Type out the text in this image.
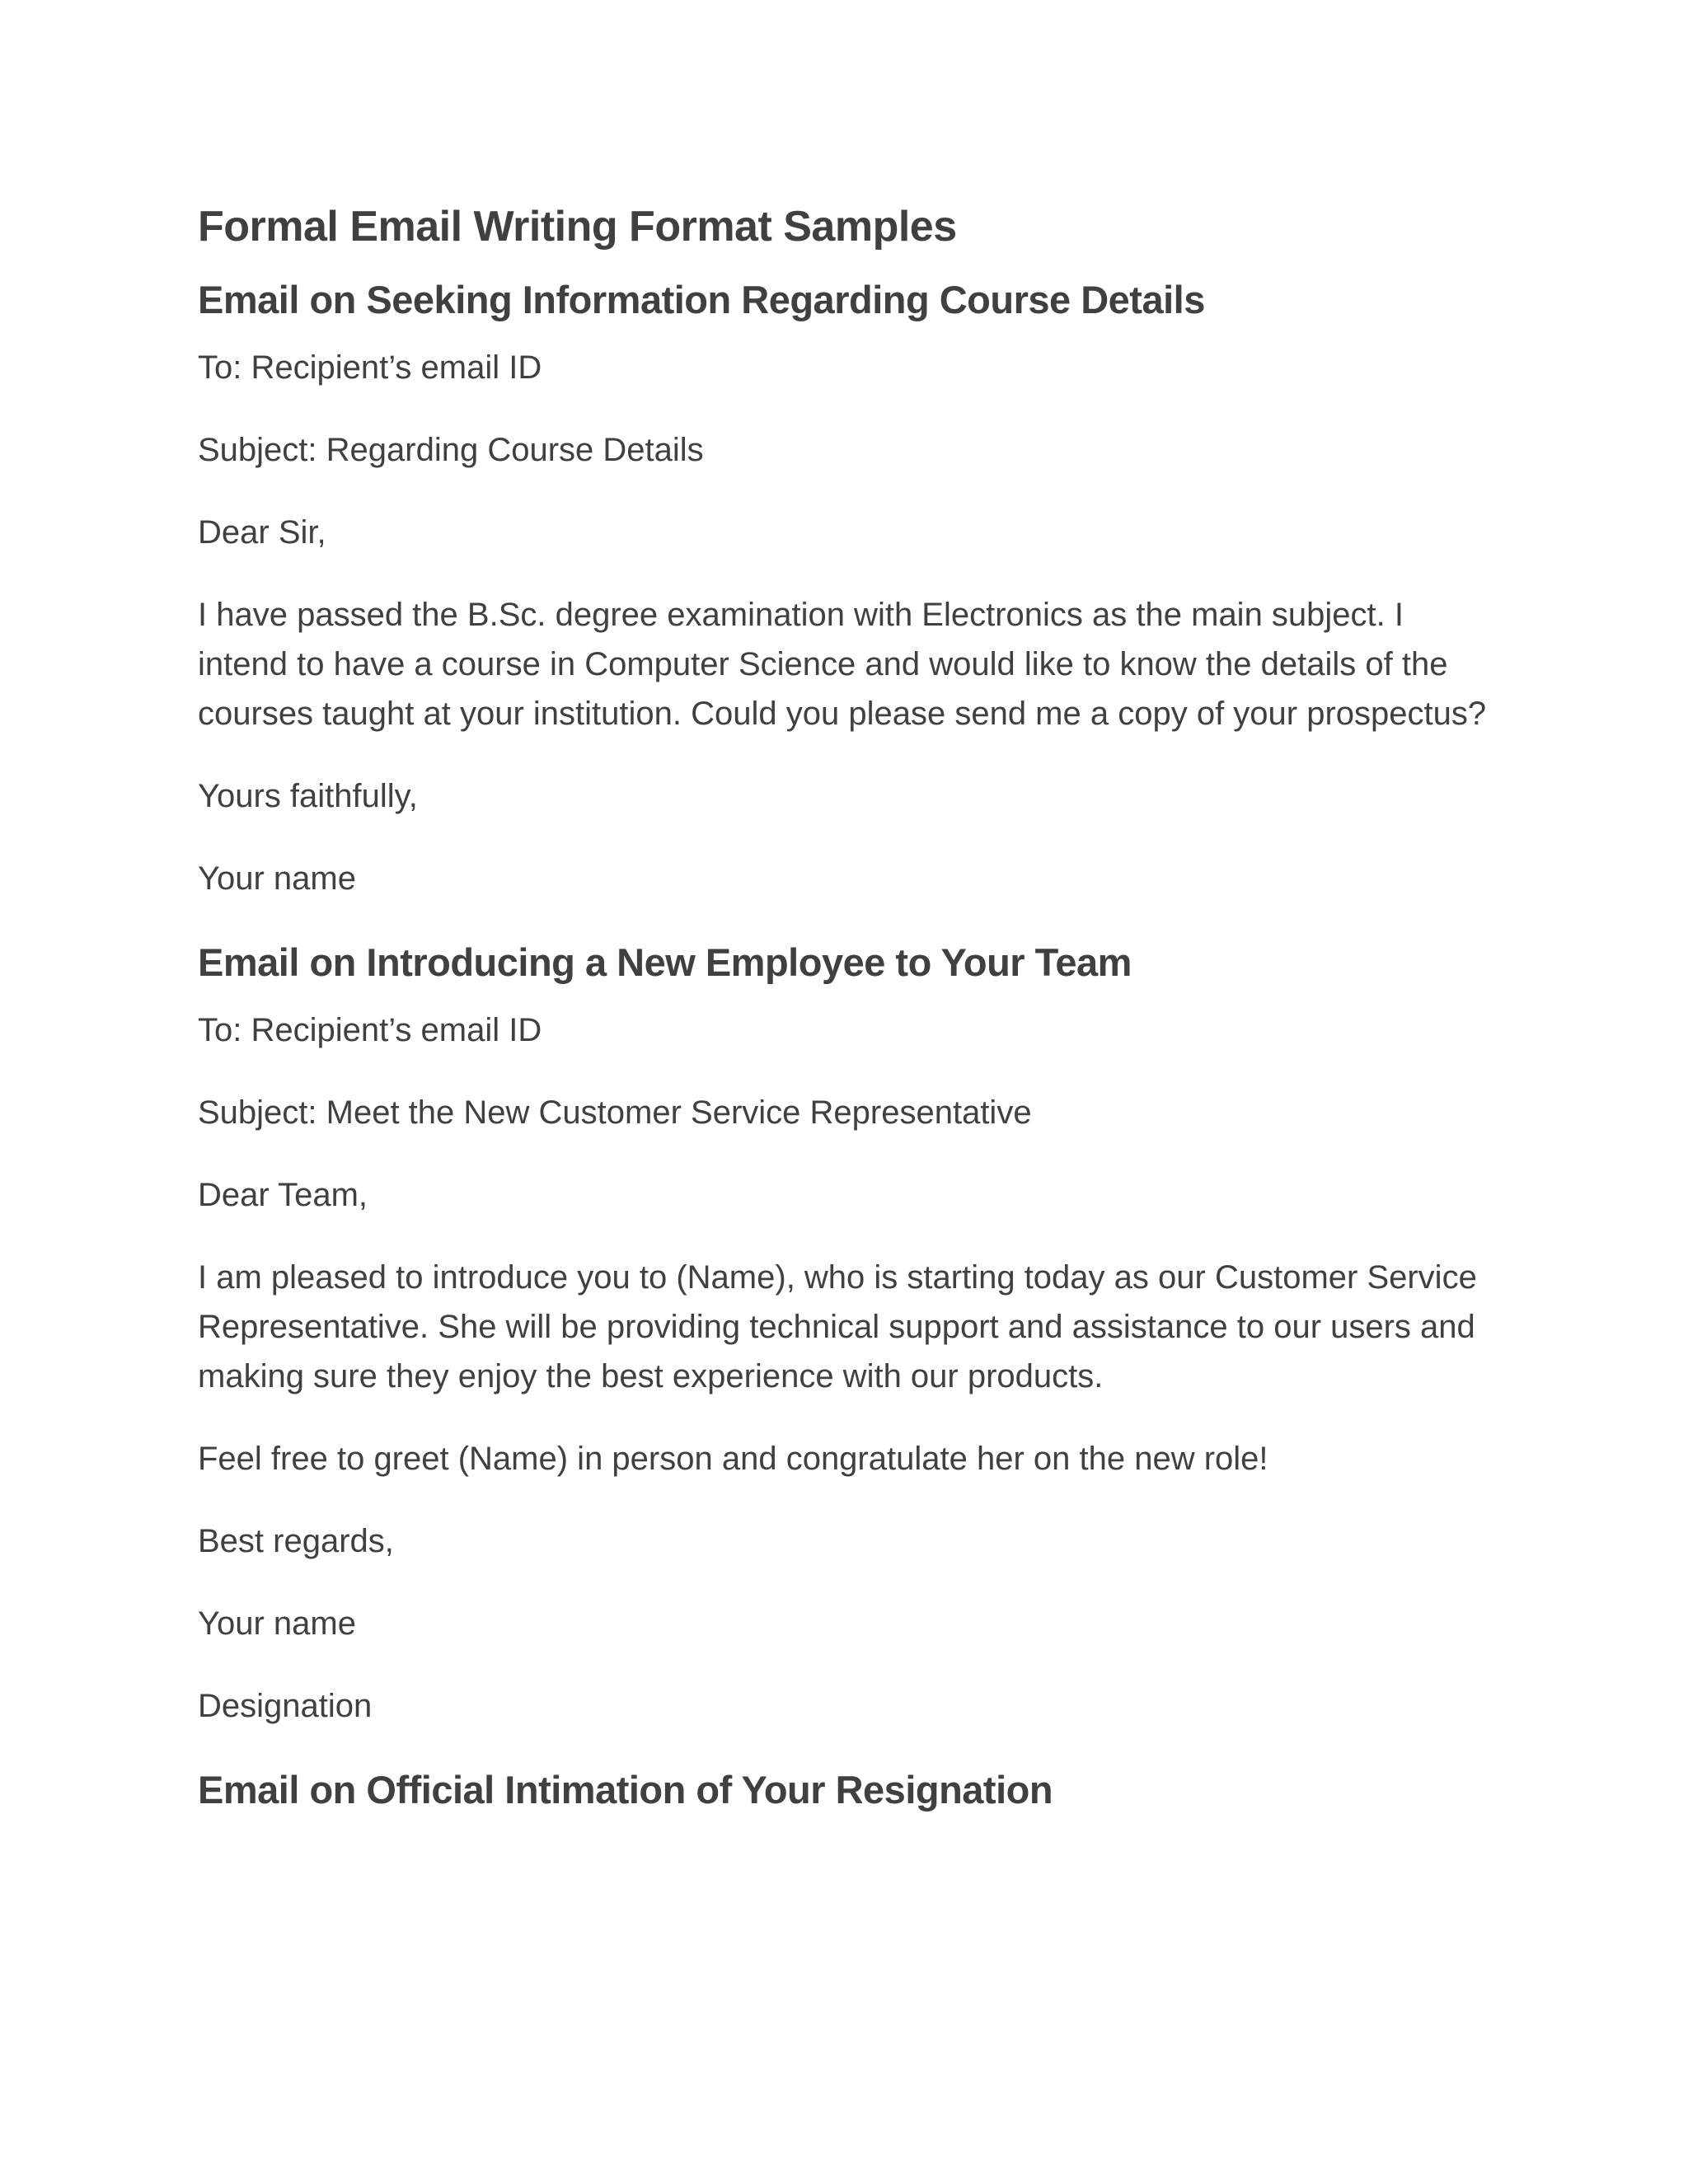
Formal Email Writing Format Samples
Email on Seeking Information Regarding Course Details

To: Recipient’s email ID

Subject: Regarding Course Details

Dear Sir,

I have passed the B.Sc. degree examination with Electronics as the main subject. I intend to have a course in Computer Science and would like to know the details of the courses taught at your institution. Could you please send me a copy of your prospectus?

Yours faithfully,

Your name

Email on Introducing a New Employee to Your Team

To: Recipient’s email ID

Subject: Meet the New Customer Service Representative

Dear Team,

I am pleased to introduce you to (Name), who is starting today as our Customer Service Representative. She will be providing technical support and assistance to our users and making sure they enjoy the best experience with our products.

Feel free to greet (Name) in person and congratulate her on the new role!

Best regards,

Your name

Designation

Email on Official Intimation of Your Resignation
